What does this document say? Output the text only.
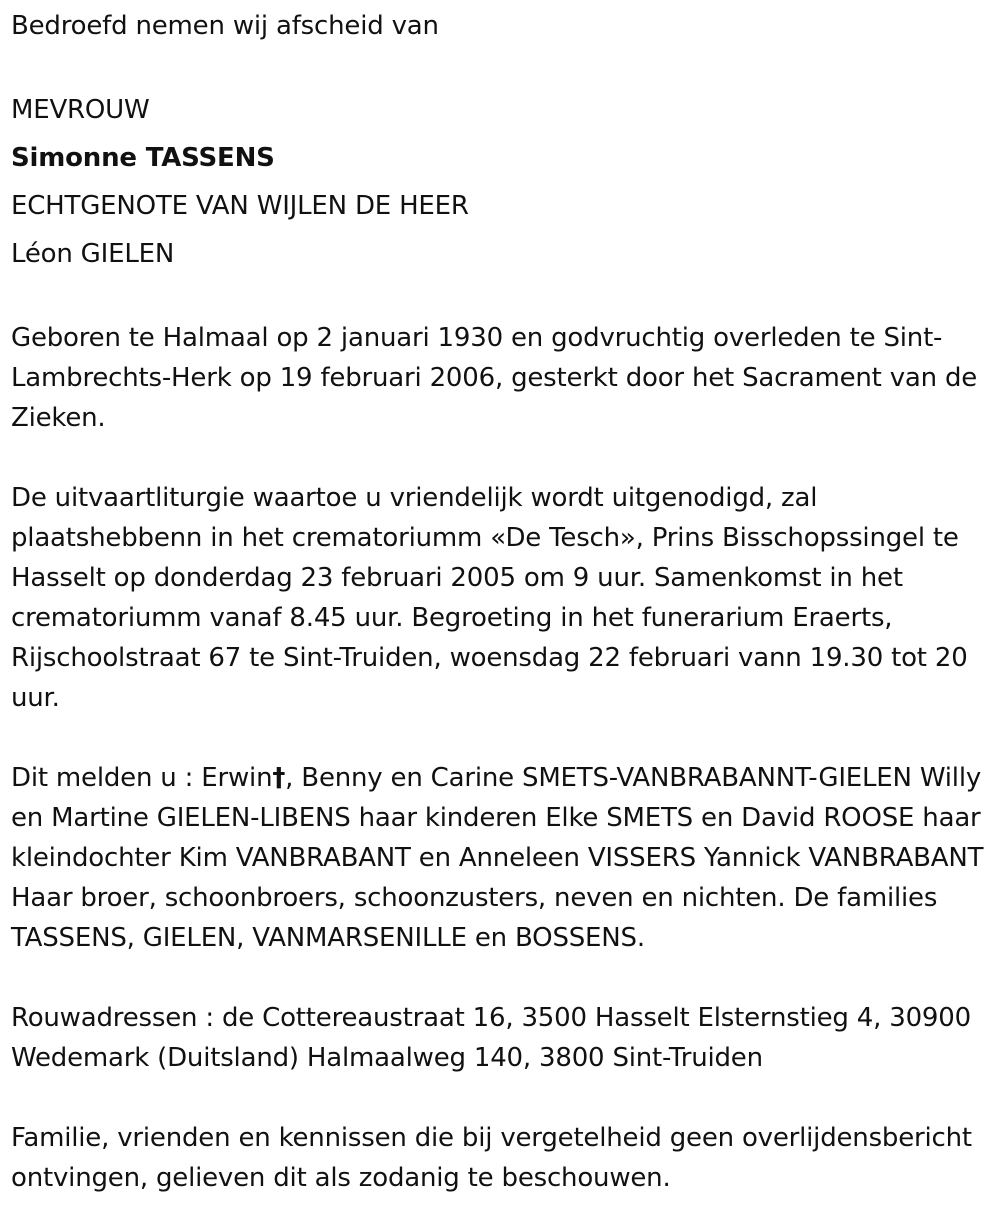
Bedroefd nemen wij afscheid van

MEVROUW

Simonne TASSENS

ECHTGENOTE VAN WIJLEN DE HEER

Léon GIELEN

Geboren te Halmaal op 2 januari 1930 en godvruchtig overleden te Sint-Lambrechts-Herk op 19 februari 2006, gesterkt door het Sacrament van de Zieken.

De uitvaartliturgie waartoe u vriendelijk wordt uitgenodigd, zal plaatshebbenn in het crematoriumm «De Tesch», Prins Bisschopssingel te Hasselt op donderdag 23 februari 2005 om 9 uur. Samenkomst in het crematoriumm vanaf 8.45 uur. Begroeting in het funerarium Eraerts, Rijschoolstraat 67 te Sint-Truiden, woensdag 22 februari vann 19.30 tot 20 uur.

Dit melden u : Erwin†, Benny en Carine SMETS-VANBRABANNT-GIELEN Willy en Martine GIELEN-LIBENS haar kinderen Elke SMETS en David ROOSE haar kleindochter Kim VANBRABANT en Anneleen VISSERS Yannick VANBRABANT Haar broer, schoonbroers, schoonzusters, neven en nichten. De families TASSENS, GIELEN, VANMARSENILLE en BOSSENS.

Rouwadressen : de Cottereaustraat 16, 3500 Hasselt Elsternstieg 4, 30900 Wedemark (Duitsland) Halmaalweg 140, 3800 Sint-Truiden

Familie, vrienden en kennissen die bij vergetelheid geen overlijdensbericht ontvingen, gelieven dit als zodanig te beschouwen.
